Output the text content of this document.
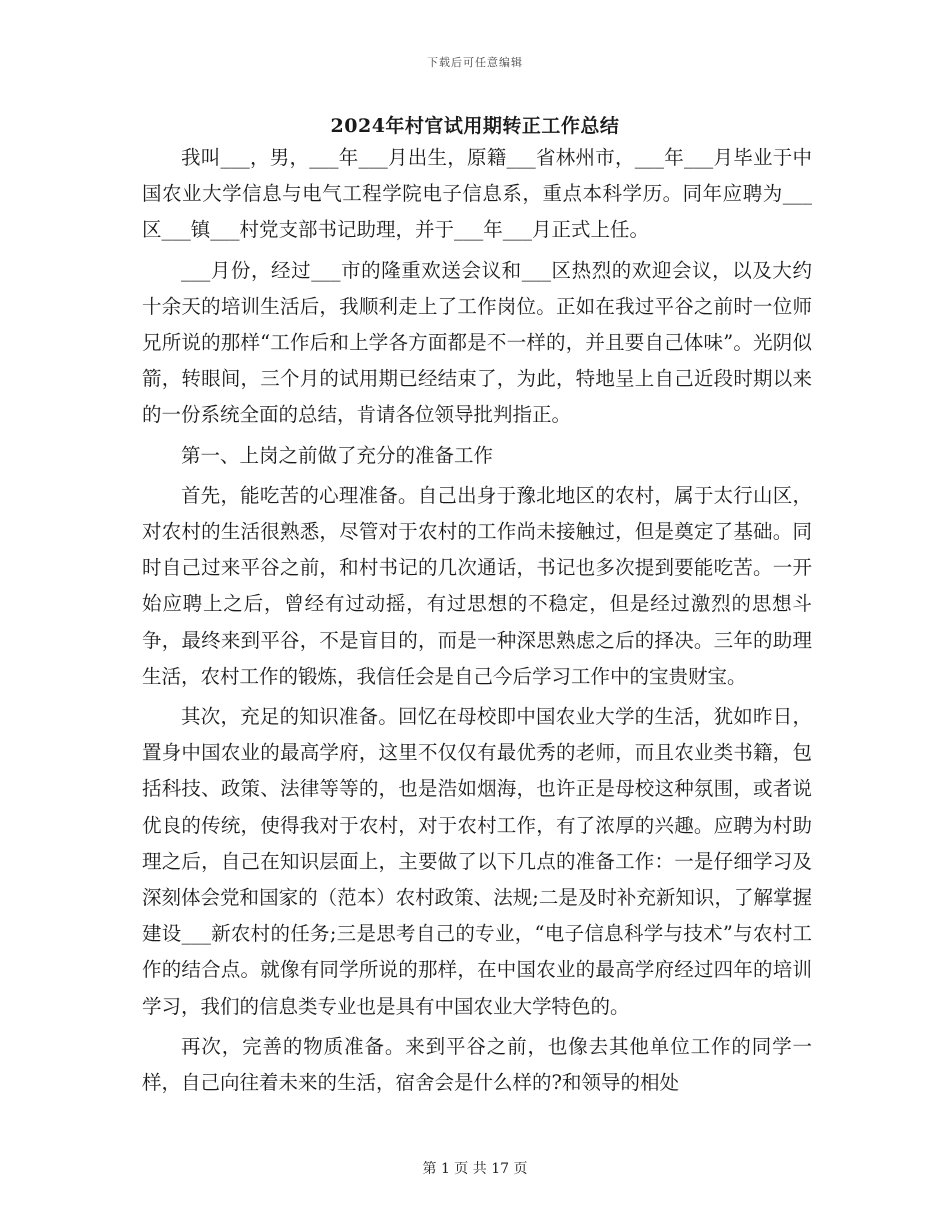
下载后可任意编辑
2024年村官试用期转正工作总结

我叫___，男，___年___月出生，原籍___省林州市，___年___月毕业于中国农业大学信息与电气工程学院电子信息系，重点本科学历。同年应聘为___区___镇___村党支部书记助理，并于___年___月正式上任。

___月份，经过___市的隆重欢送会议和___区热烈的欢迎会议，以及大约十余天的培训生活后，我顺利走上了工作岗位。正如在我过平谷之前时一位师兄所说的那样“工作后和上学各方面都是不一样的，并且要自己体味”。光阴似箭，转眼间，三个月的试用期已经结束了，为此，特地呈上自己近段时期以来的一份系统全面的总结，肯请各位领导批判指正。

第一、上岗之前做了充分的准备工作

首先，能吃苦的心理准备。自己出身于豫北地区的农村，属于太行山区，对农村的生活很熟悉，尽管对于农村的工作尚未接触过，但是奠定了基础。同时自己过来平谷之前，和村书记的几次通话，书记也多次提到要能吃苦。一开始应聘上之后，曾经有过动摇，有过思想的不稳定，但是经过激烈的思想斗争，最终来到平谷，不是盲目的，而是一种深思熟虑之后的择决。三年的助理生活，农村工作的锻炼，我信任会是自己今后学习工作中的宝贵财宝。

其次，充足的知识准备。回忆在母校即中国农业大学的生活，犹如昨日，置身中国农业的最高学府，这里不仅仅有最优秀的老师，而且农业类书籍，包括科技、政策、法律等等的，也是浩如烟海，也许正是母校这种氛围，或者说优良的传统，使得我对于农村，对于农村工作，有了浓厚的兴趣。应聘为村助理之后，自己在知识层面上，主要做了以下几点的准备工作：一是仔细学习及深刻体会党和国家的（范本）农村政策、法规;二是及时补充新知识，了解掌握建设___新农村的任务;三是思考自己的专业，“电子信息科学与技术”与农村工作的结合点。就像有同学所说的那样，在中国农业的最高学府经过四年的培训学习，我们的信息类专业也是具有中国农业大学特色的。

再次，完善的物质准备。来到平谷之前，也像去其他单位工作的同学一样，自己向往着未来的生活，宿舍会是什么样的?和领导的相处

第 1 页 共 17 页
